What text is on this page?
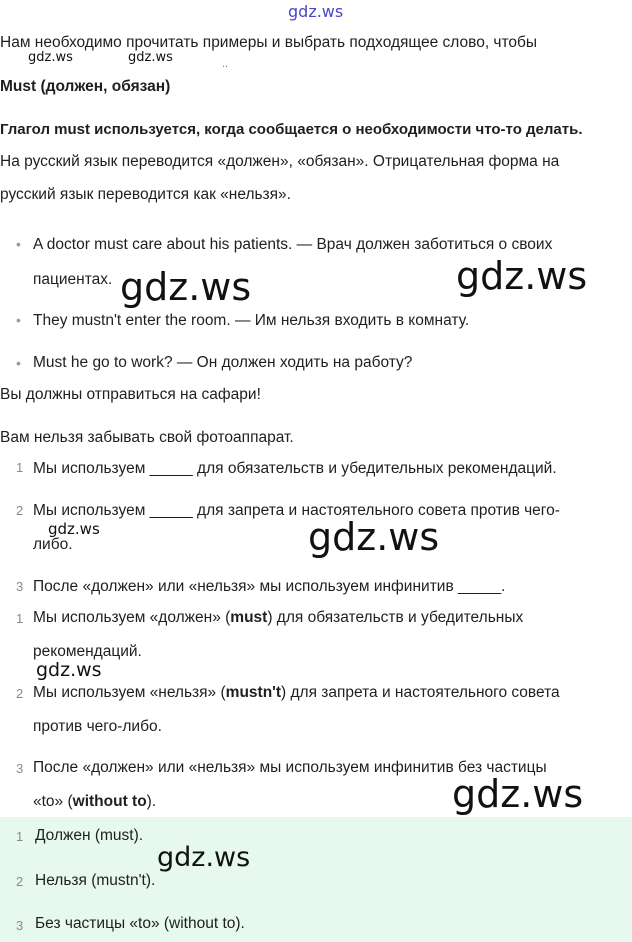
gdz.ws
Нам необходимо прочитать примеры и выбрать подходящее слово, чтобы
gdz.ws	gdz.ws	..
Must (должен, обязан)
Глагол must используется, когда сообщается о необходимости что-то делать.
На русский язык переводится «должен», «обязан». Отрицательная форма на
русский язык переводится как «нельзя».
• A doctor must care about his patients. — Врач должен заботиться о своих
пациентах. gdz.ws	gdz.ws
• They mustn't enter the room. — Им нельзя входить в комнату.
• Must he go to work? — Он должен ходить на работу?
Вы должны отправиться на сафари!
Вам нельзя забывать свой фотоаппарат.
1 Мы используем _____ для обязательств и убедительных рекомендаций.
2 Мы используем _____ для запрета и настоятельного совета против чего-
gdz.ws
либо.	gdz.ws
3 После «должен» или «нельзя» мы используем инфинитив _____.
1 Мы используем «должен» (must) для обязательств и убедительных
рекомендаций.
gdz.ws
2 Мы используем «нельзя» (mustn't) для запрета и настоятельного совета
против чего-либо.
3 После «должен» или «нельзя» мы используем инфинитив без частицы
«to» (without to).	gdz.ws
1 Должен (must).
gdz.ws
2 Нельзя (mustn't).
3 Без частицы «to» (without to).
